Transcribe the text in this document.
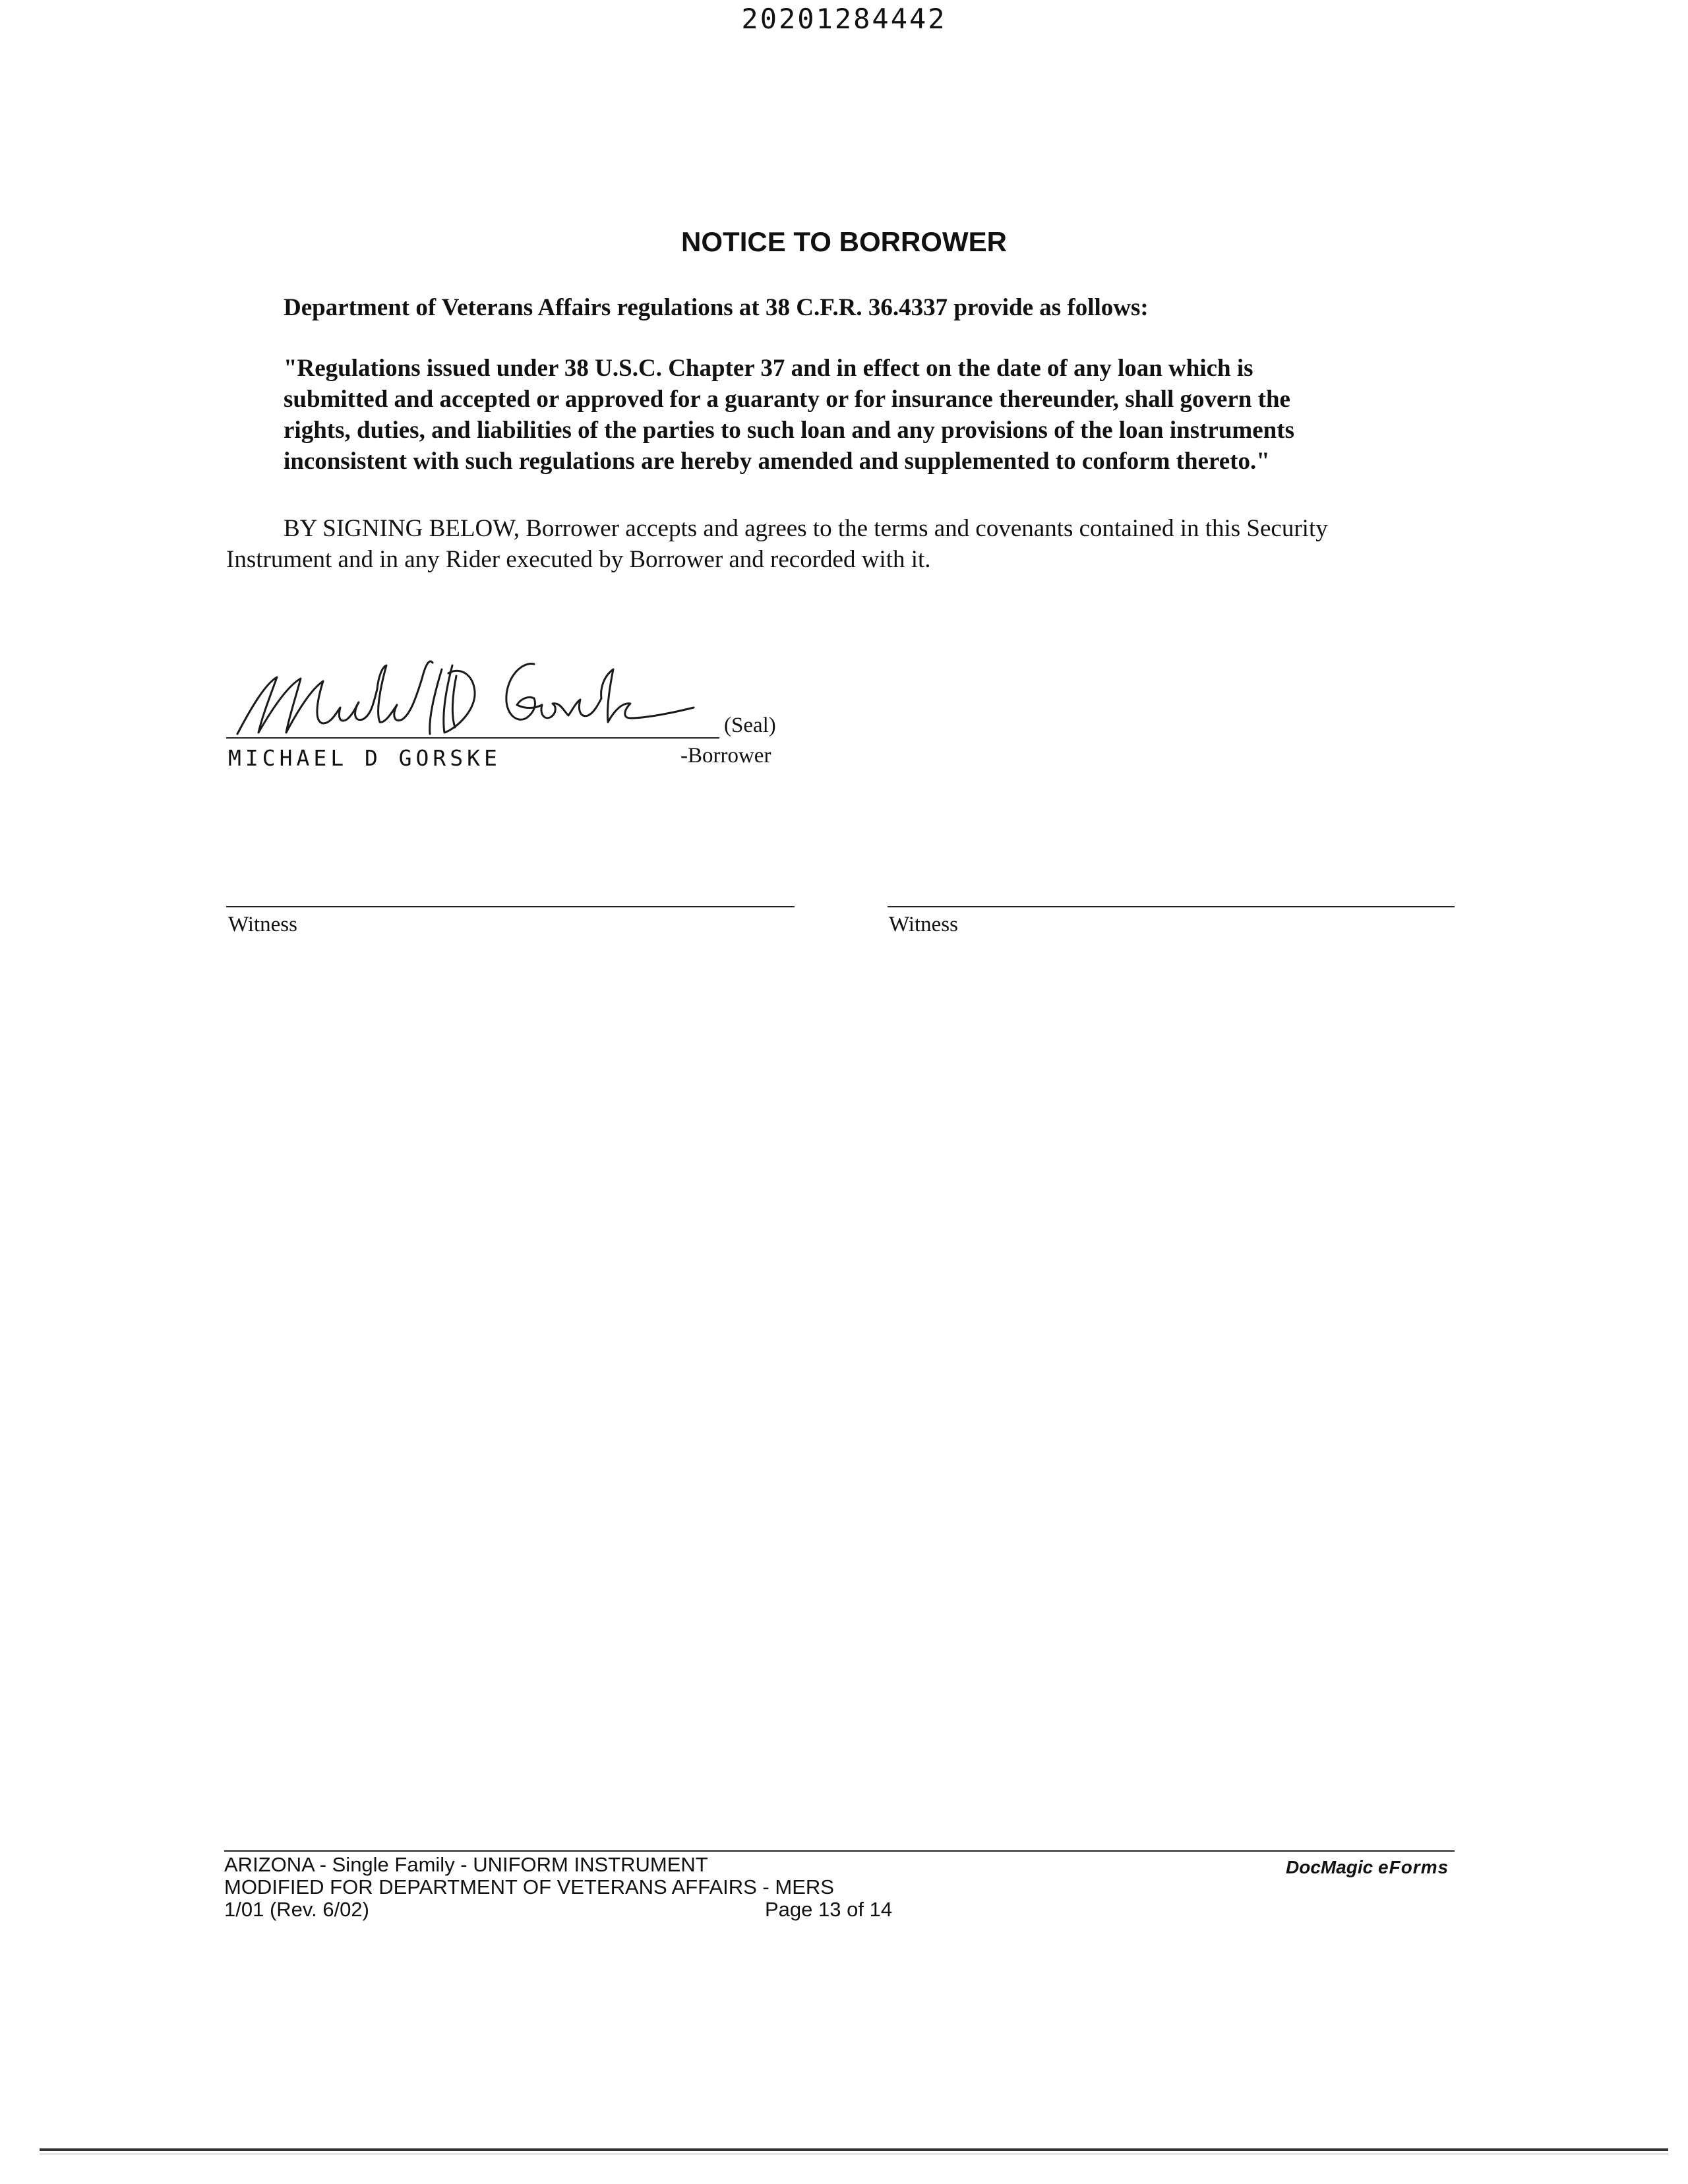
20201284442
NOTICE TO BORROWER
Department of Veterans Affairs regulations at 38 C.F.R. 36.4337 provide as follows:
"Regulations issued under 38 U.S.C. Chapter 37 and in effect on the date of any loan which is
submitted and accepted or approved for a guaranty or for insurance thereunder, shall govern the
rights, duties, and liabilities of the parties to such loan and any provisions of the loan instruments
inconsistent with such regulations are hereby amended and supplemented to conform thereto."
BY SIGNING BELOW, Borrower accepts and agrees to the terms and covenants contained in this Security
Instrument and in any Rider executed by Borrower and recorded with it.
(Seal)
MICHAEL D GORSKE	-Borrower
Witness	Witness
ARIZONA - Single Family - UNIFORM INSTRUMENT
MODIFIED FOR DEPARTMENT OF VETERANS AFFAIRS - MERS
1/01 (Rev. 6/02)	Page 13 of 14
DocMagic eForms
